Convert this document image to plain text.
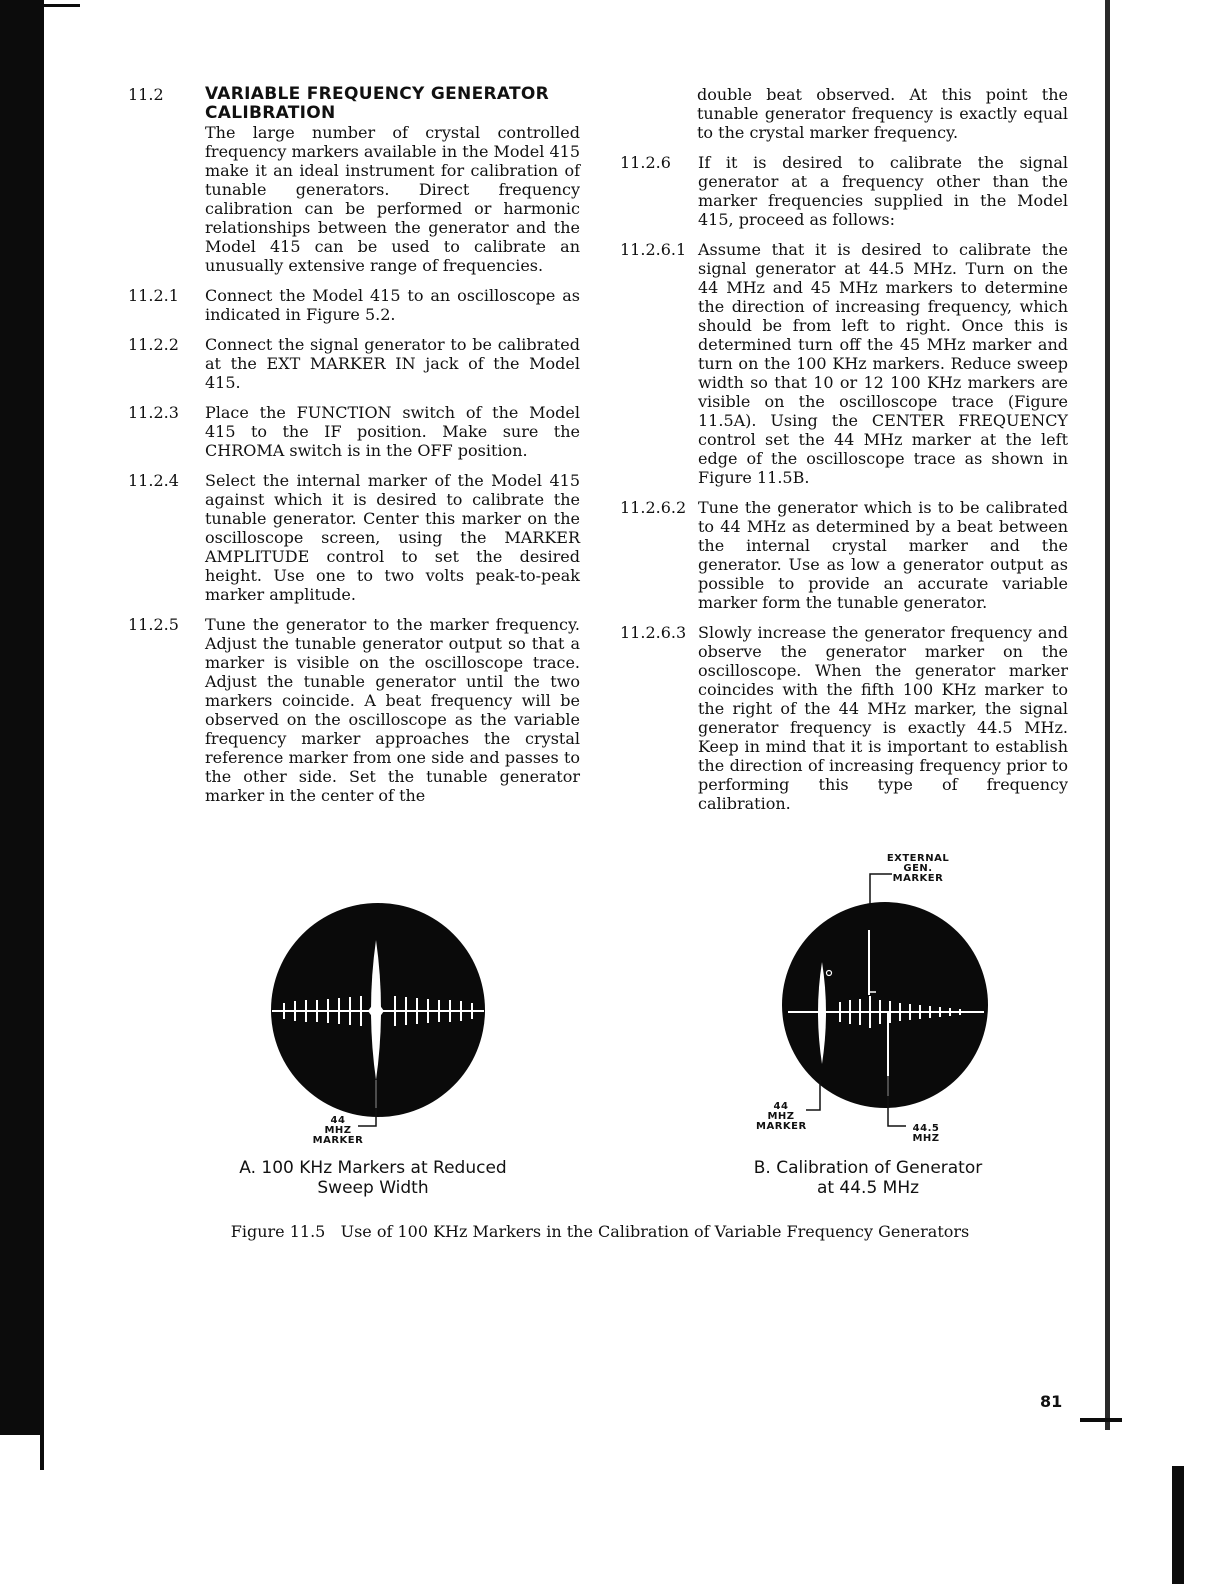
11.2	VARIABLE FREQUENCY GENERATOR CALIBRATION
The large number of crystal controlled frequency markers available in the Model 415 make it an ideal instrument for calibration of tunable generators. Direct frequency calibration can be performed or harmonic relationships between the generator and the Model 415 can be used to calibrate an unusually extensive range of frequencies.
11.2.1	Connect the Model 415 to an oscilloscope as indicated in Figure 5.2.
11.2.2	Connect the signal generator to be calibrated at the EXT MARKER IN jack of the Model 415.
11.2.3	Place the FUNCTION switch of the Model 415 to the IF position. Make sure the CHROMA switch is in the OFF position.
11.2.4	Select the internal marker of the Model 415 against which it is desired to calibrate the tunable generator. Center this marker on the oscilloscope screen, using the MARKER AMPLITUDE control to set the desired height. Use one to two volts peak-to-peak marker amplitude.
11.2.5	Tune the generator to the marker frequency. Adjust the tunable generator output so that a marker is visible on the oscilloscope trace. Adjust the tunable generator until the two markers coincide. A beat frequency will be observed on the oscilloscope as the variable frequency marker approaches the crystal reference marker from one side and passes to the other side. Set the tunable generator marker in the center of the
double beat observed. At this point the tunable generator frequency is exactly equal to the crystal marker frequency.
11.2.6	If it is desired to calibrate the signal generator at a frequency other than the marker frequencies supplied in the Model 415, proceed as follows:
11.2.6.1 Assume that it is desired to calibrate the signal generator at 44.5 MHz. Turn on the 44 MHz and 45 MHz markers to determine the direction of increasing frequency, which should be from left to right. Once this is determined turn off the 45 MHz marker and turn on the 100 KHz markers. Reduce sweep width so that 10 or 12 100 KHz markers are visible on the oscilloscope trace (Figure 11.5A). Using the CENTER FREQUENCY control set the 44 MHz marker at the left edge of the oscilloscope trace as shown in Figure 11.5B.
11.2.6.2 Tune the generator which is to be calibrated to 44 MHz as determined by a beat between the internal crystal marker and the generator. Use as low a generator output as possible to provide an accurate variable marker form the tunable generator.
11.2.6.3 Slowly increase the generator frequency and observe the generator marker on the oscilloscope. When the generator marker coincides with the fifth 100 KHz marker to the right of the 44 MHz marker, the signal generator frequency is exactly 44.5 MHz. Keep in mind that it is important to establish the direction of increasing frequency prior to performing this type of frequency calibration.
44
MHZ
MARKER
A. 100 KHz Markers at Reduced
Sweep Width
EXTERNAL
GEN.
MARKER
44
MHZ
MARKER	44.5
MHZ
B. Calibration of Generator
at 44.5 MHz
Figure 11.5   Use of 100 KHz Markers in the Calibration of Variable Frequency Generators
81
